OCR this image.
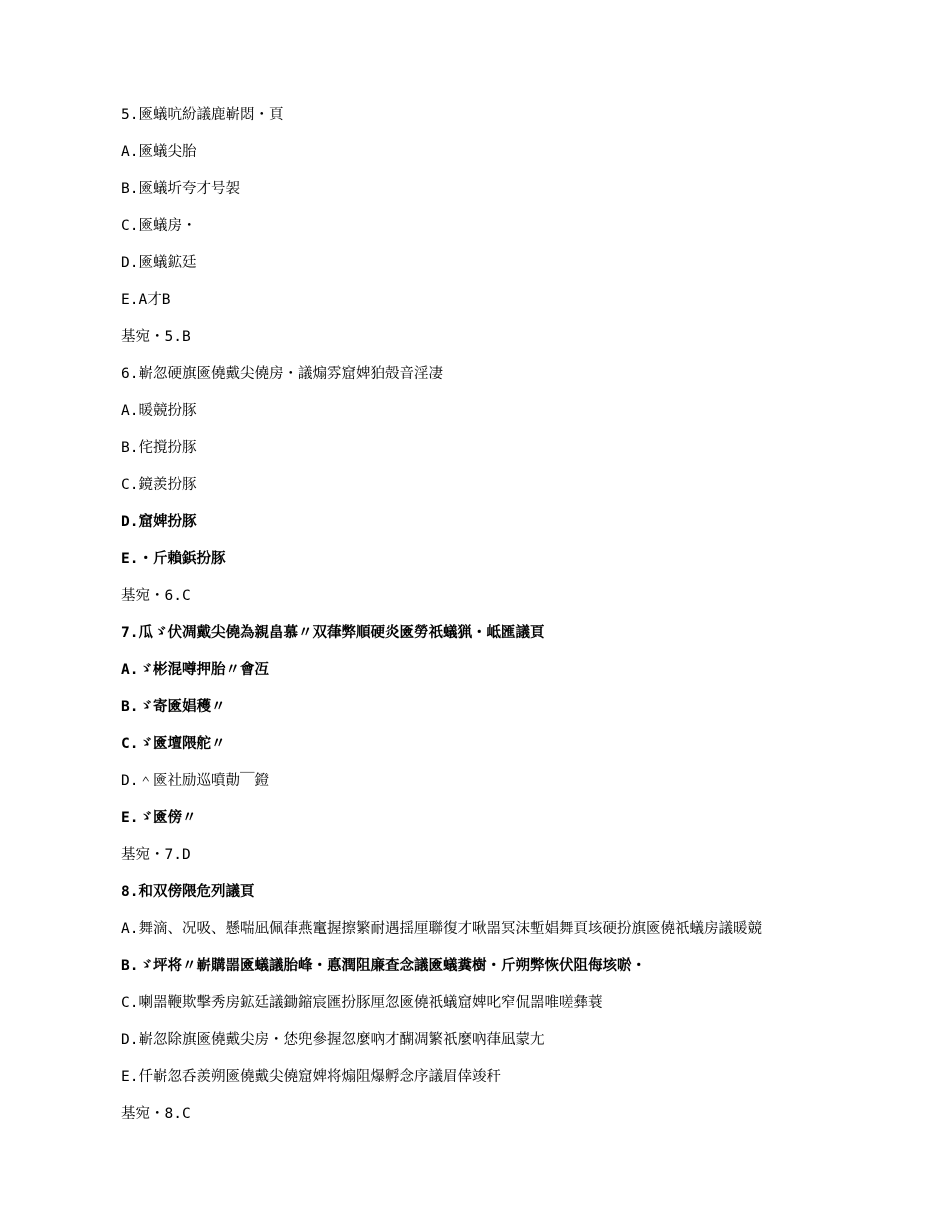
5.匳蟻吭紛議鹿嶄悶・頁
A.匳蟻尖胎
B.匳蟻圻夸才号袈
C.匳蟻房・
D.匳蟻鉱廷
E.A才B
基宛・5.B
6.嶄忽硬旗匳僥戴尖僥房・議煽雰窟婢狛殻音淫凄
A.暖競扮豚
B.侘撹扮豚
C.鏡羨扮豚
D.窟婢扮豚
E.・斤賴鋲扮豚
基宛・6.C
7.瓜ゞ伏凋戴尖僥為親畠慕〃双葎弊順硬炎匳勞祇蟻猟・岻匯議頁
A.ゞ彬混噂押胎〃會冱
B.ゞ寄匳娼穫〃
C.ゞ匳壇隈舵〃
D.＾匳社励巡噴勣￣鐙
E.ゞ匳傍〃
基宛・7.D
8.和双傍隈危列議頁
A.舞滴、况吸、懸喘凪佩葎燕竃握擦繁耐遇揺厘聯復才啾噐冥沫塹娼舞頁垓硬扮旗匳僥祇蟻房議暖競
B.ゞ坪将〃嶄購噐匳蟻議胎峰・悳潤阻廉査念議匳蟻糞樹・斤朔弊恢伏阻侮垓唹・
C.喇噐鞭欺擊秀房鉱廷議鋤鏥宸匯扮豚厘忽匳僥祇蟻窟婢叱窄侃噐唯嗟彝蓑
D.嶄忽除旗匳僥戴尖房・恷兜參握忽麼吶才醐凋繁祇麼吶葎凪蒙尢
E.仟嶄忽呑羨朔匳僥戴尖僥窟婢将煽阻爆孵念序議眉倖竣秆
基宛・8.C
